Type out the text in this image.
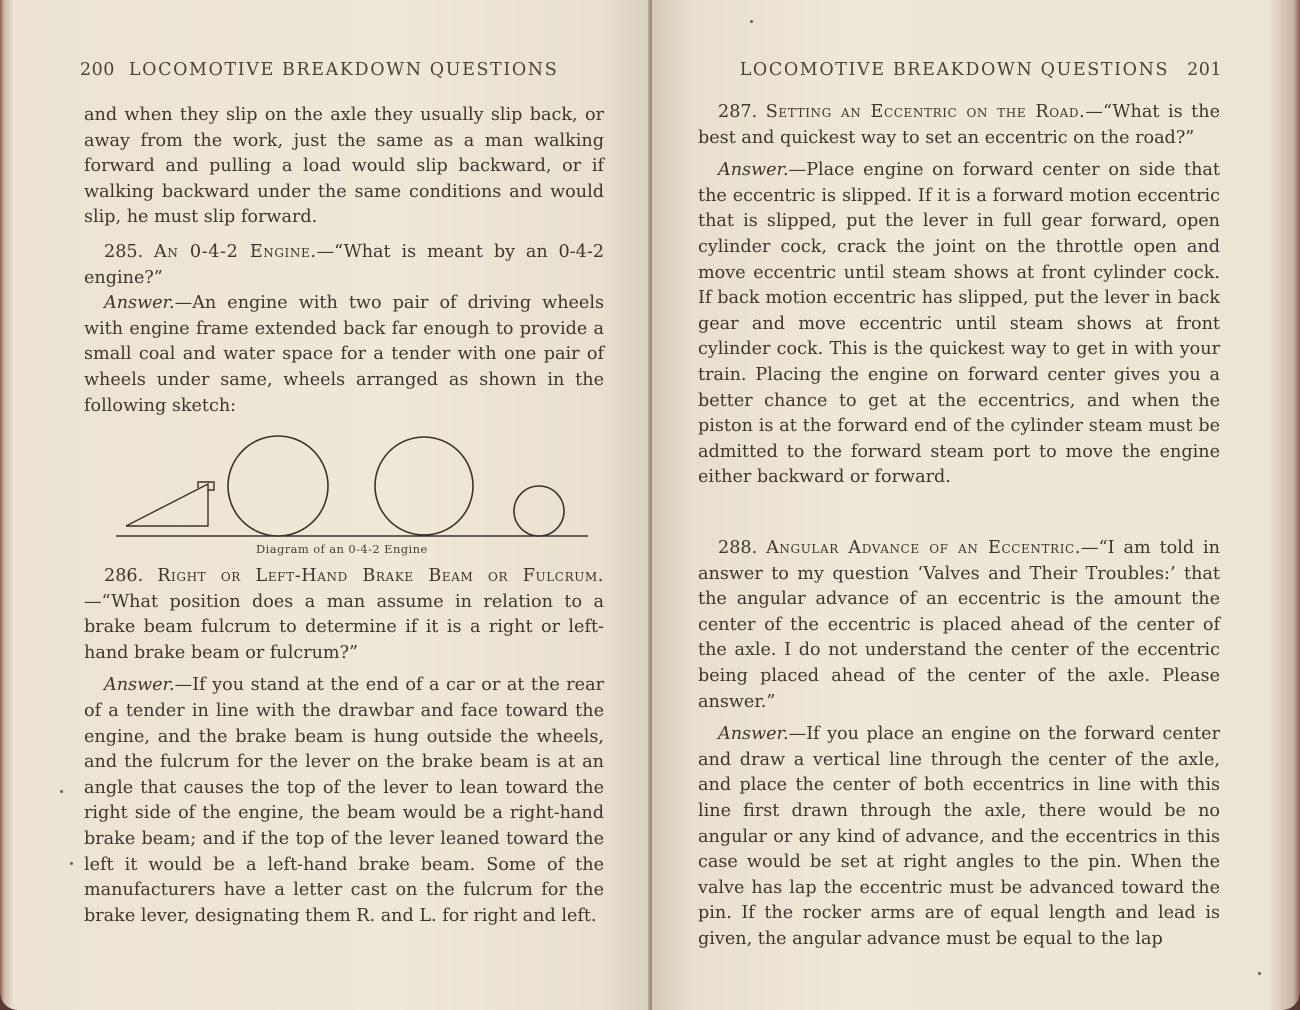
200 LOCOMOTIVE BREAKDOWN QUESTIONS

and when they slip on the axle they usually slip back, or away from the work, just the same as a man walking forward and pulling a load would slip backward, or if walking backward under the same conditions and would slip, he must slip forward.

285. An 0-4-2 Engine.—“What is meant by an 0-4-2 engine?”

Answer.—An engine with two pair of driving wheels with engine frame extended back far enough to provide a small coal and water space for a tender with one pair of wheels under same, wheels arranged as shown in the following sketch:

Diagram of an 0-4-2 Engine

286. Right or Left-Hand Brake Beam or Fulcrum.—“What position does a man assume in relation to a brake beam fulcrum to determine if it is a right or left-hand brake beam or fulcrum?”

Answer.—If you stand at the end of a car or at the rear of a tender in line with the drawbar and face toward the engine, and the brake beam is hung outside the wheels, and the fulcrum for the lever on the brake beam is at an angle that causes the top of the lever to lean toward the right side of the engine, the beam would be a right-hand brake beam; and if the top of the lever leaned toward the left it would be a left-hand brake beam. Some of the manufacturers have a letter cast on the fulcrum for the brake lever, designating them R. and L. for right and left.

LOCOMOTIVE BREAKDOWN QUESTIONS 201

287. Setting an Eccentric on the Road.—“What is the best and quickest way to set an eccentric on the road?”

Answer.—Place engine on forward center on side that the eccentric is slipped. If it is a forward motion eccentric that is slipped, put the lever in full gear forward, open cylinder cock, crack the joint on the throttle open and move eccentric until steam shows at front cylinder cock. If back motion eccentric has slipped, put the lever in back gear and move eccentric until steam shows at front cylinder cock. This is the quickest way to get in with your train. Placing the engine on forward center gives you a better chance to get at the eccentrics, and when the piston is at the forward end of the cylinder steam must be admitted to the forward steam port to move the engine either backward or forward.

288. Angular Advance of an Eccentric.—“I am told in answer to my question ‘Valves and Their Troubles:’ that the angular advance of an eccentric is the amount the center of the eccentric is placed ahead of the center of the axle. I do not understand the center of the eccentric being placed ahead of the center of the axle. Please answer.”

Answer.—If you place an engine on the forward center and draw a vertical line through the center of the axle, and place the center of both eccentrics in line with this line first drawn through the axle, there would be no angular or any kind of advance, and the eccentrics in this case would be set at right angles to the pin. When the valve has lap the eccentric must be advanced toward the pin. If the rocker arms are of equal length and lead is given, the angular advance must be equal to the lap
